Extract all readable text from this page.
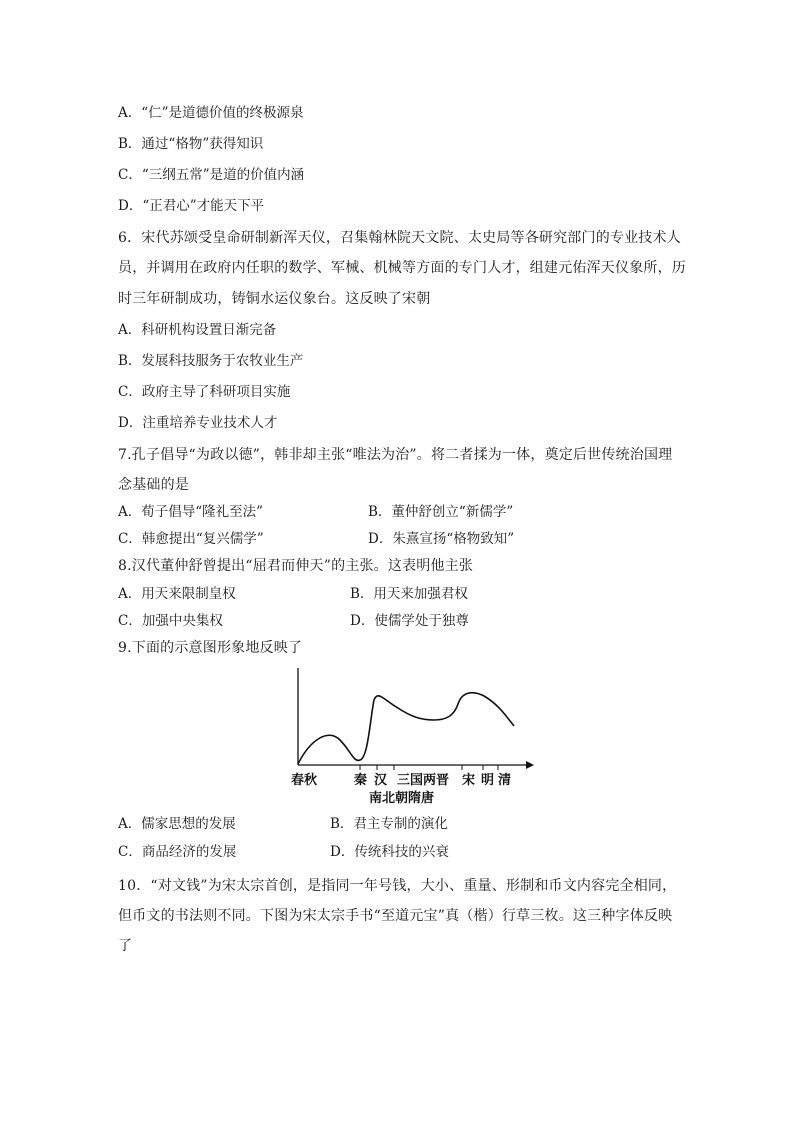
A．“仁”是道德价值的终极源泉
B．通过“格物”获得知识
C．“三纲五常”是道的价值内涵
D．“正君心”才能天下平
6．宋代苏颂受皇命研制新浑天仪，召集翰林院天文院、太史局等各研究部门的专业技术人
员，并调用在政府内任职的数学、军械、机械等方面的专门人才，组建元佑浑天仪象所，历
时三年研制成功，铸铜水运仪象台。这反映了宋朝
A．科研机构设置日渐完备
B．发展科技服务于农牧业生产
C．政府主导了科研项目实施
D．注重培养专业技术人才
7.孔子倡导“为政以德”，韩非却主张“唯法为治”。将二者揉为一体，奠定后世传统治国理
念基础的是
A．荀子倡导“隆礼至法”	B．董仲舒创立“新儒学”
C．韩愈提出“复兴儒学”	D．朱熹宣扬“格物致知”
8.汉代董仲舒曾提出“屈君而伸天”的主张。这表明他主张
A．用天来限制皇权	B．用天来加强君权
C．加强中央集权	D．使儒学处于独尊
9.下面的示意图形象地反映了
春秋	秦 汉 三国两晋
南北朝隋唐
宋 明 清
A．儒家思想的发展	B．君主专制的演化
C．商品经济的发展	D．传统科技的兴衰
10．“对文钱”为宋太宗首创，是指同一年号钱，大小、重量、形制和币文内容完全相同，
但币文的书法则不同。下图为宋太宗手书“至道元宝”真（楷）行草三枚。这三种字体反映
了
